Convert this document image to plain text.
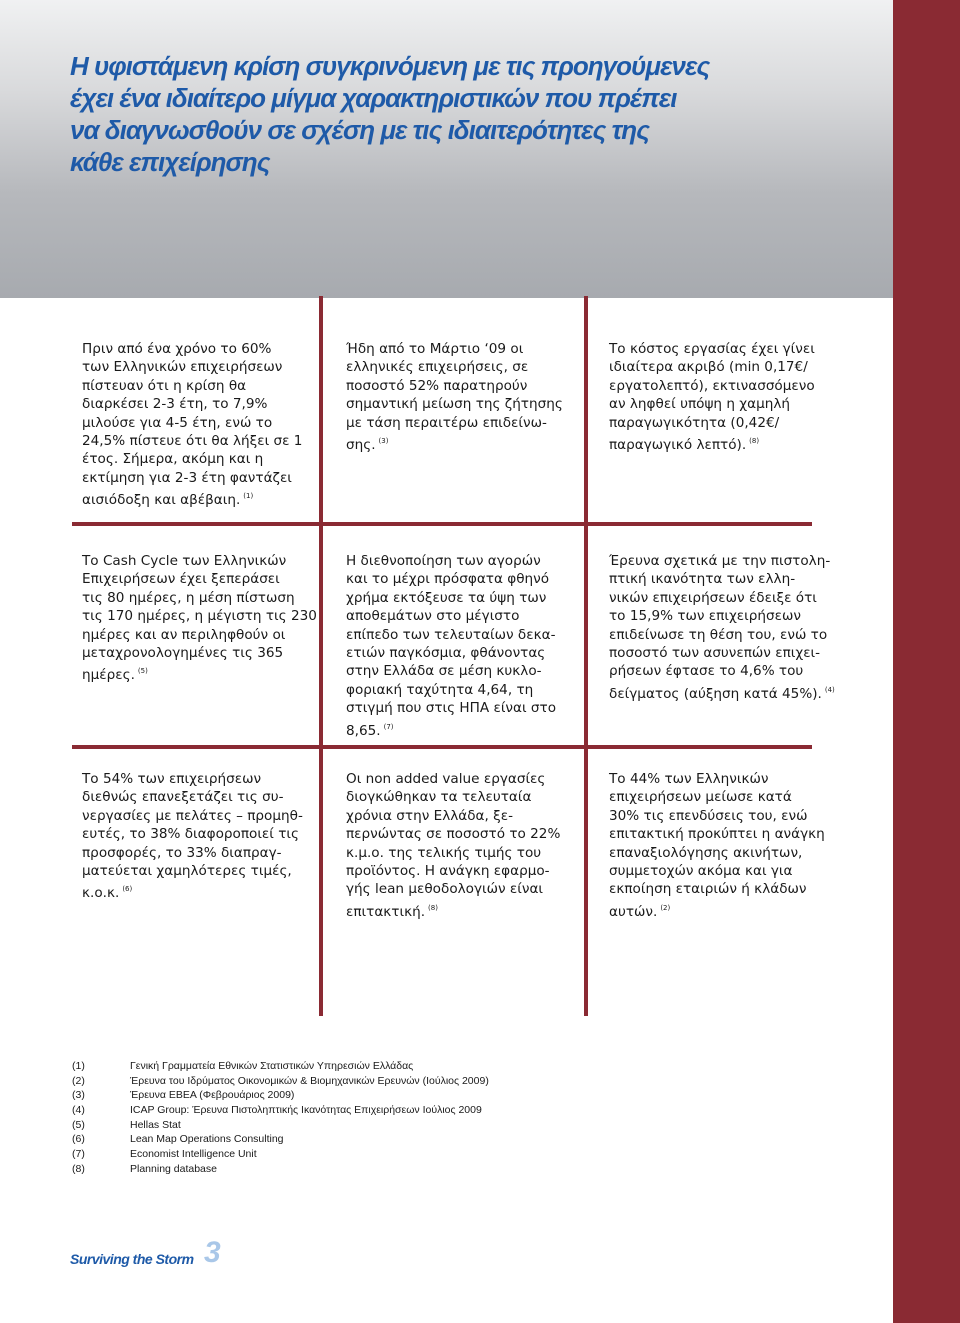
Η υφιστάμενη κρίση συγκρινόμενη με τις προηγούμενες
έχει ένα ιδιαίτερο μίγμα χαρακτηριστικών που πρέπει
να διαγνωσθούν σε σχέση με τις ιδιαιτερότητες της
κάθε επιχείρησης

Πριν από ένα χρόνο το 60%
των Ελληνικών επιχειρήσεων
πίστευαν ότι η κρίση θα
διαρκέσει 2-3 έτη, το 7,9%
μιλούσε για 4-5 έτη, ενώ το
24,5% πίστευε ότι θα λήξει σε 1
έτος. Σήμερα, ακόμη και η
εκτίμηση για 2-3 έτη φαντάζει
αισιόδοξη και αβέβαιη. $^{(1)}$

Ήδη από το Μάρτιο ‘09 οι
ελληνικές επιχειρήσεις, σε
ποσοστό 52% παρατηρούν
σημαντική μείωση της ζήτησης
με τάση περαιτέρω επιδείνω-
σης. $^{(3)}$

Το κόστος εργασίας έχει γίνει
ιδιαίτερα ακριβό (min 0,17€/
εργατολεπτό), εκτινασσόμενο
αν ληφθεί υπόψη η χαμηλή
παραγωγικότητα (0,42€/
παραγωγικό λεπτό). $^{(8)}$

Το Cash Cycle των Ελληνικών
Επιχειρήσεων έχει ξεπεράσει
τις 80 ημέρες, η μέση πίστωση
τις 170 ημέρες, η μέγιστη τις 230
ημέρες και αν περιληφθούν οι
μεταχρονολογημένες τις 365
ημέρες. $^{(5)}$

Η διεθνοποίηση των αγορών
και το μέχρι πρόσφατα φθηνό
χρήμα εκτόξευσε τα ύψη των
αποθεμάτων στο μέγιστο
επίπεδο των τελευταίων δεκα-
ετιών παγκόσμια, φθάνοντας
στην Ελλάδα σε μέση κυκλο-
φοριακή ταχύτητα 4,64, τη
στιγμή που στις ΗΠΑ είναι στο
8,65. $^{(7)}$

Έρευνα σχετικά με την πιστολη-
πτική ικανότητα των ελλη-
νικών επιχειρήσεων έδειξε ότι
το 15,9% των επιχειρήσεων
επιδείνωσε τη θέση του, ενώ το
ποσοστό των ασυνεπών επιχει-
ρήσεων έφτασε το 4,6% του
δείγματος (αύξηση κατά 45%). $^{(4)}$

Το 54% των επιχειρήσεων
διεθνώς επανεξετάζει τις συ-
νεργασίες με πελάτες – προμηθ-
ευτές, το 38% διαφοροποιεί τις
προσφορές, το 33% διαπραγ-
ματεύεται χαμηλότερες τιμές,
κ.ο.κ. $^{(6)}$

Οι non added value εργασίες
διογκώθηκαν τα τελευταία
χρόνια στην Ελλάδα, ξε-
περνώντας σε ποσοστό το 22%
κ.μ.ο. της τελικής τιμής του
προϊόντος. Η ανάγκη εφαρμο-
γής lean μεθοδολογιών είναι
επιτακτική. $^{(8)}$

Το 44% των Ελληνικών
επιχειρήσεων μείωσε κατά
30% τις επενδύσεις του, ενώ
επιτακτική προκύπτει η ανάγκη
επαναξιολόγησης ακινήτων,
συμμετοχών ακόμα και για
εκποίηση εταιριών ή κλάδων
αυτών. $^{(2)}$

(1)	Γενική Γραμματεία Εθνικών Στατιστικών Υπηρεσιών Ελλάδας
(2)	Έρευνα του Ιδρύματος Οικονομικών & Βιομηχανικών Ερευνών (Ιούλιος 2009)
(3)	Έρευνα ΕΒΕΑ (Φεβρουάριος 2009)
(4)	ICAP Group: Έρευνα Πιστοληπτικής Ικανότητας Επιχειρήσεων Ιούλιος 2009
(5)	Hellas Stat
(6)	Lean Map Operations Consulting
(7)	Economist Intelligence Unit
(8)	Planning database

Surviving the Storm 3
